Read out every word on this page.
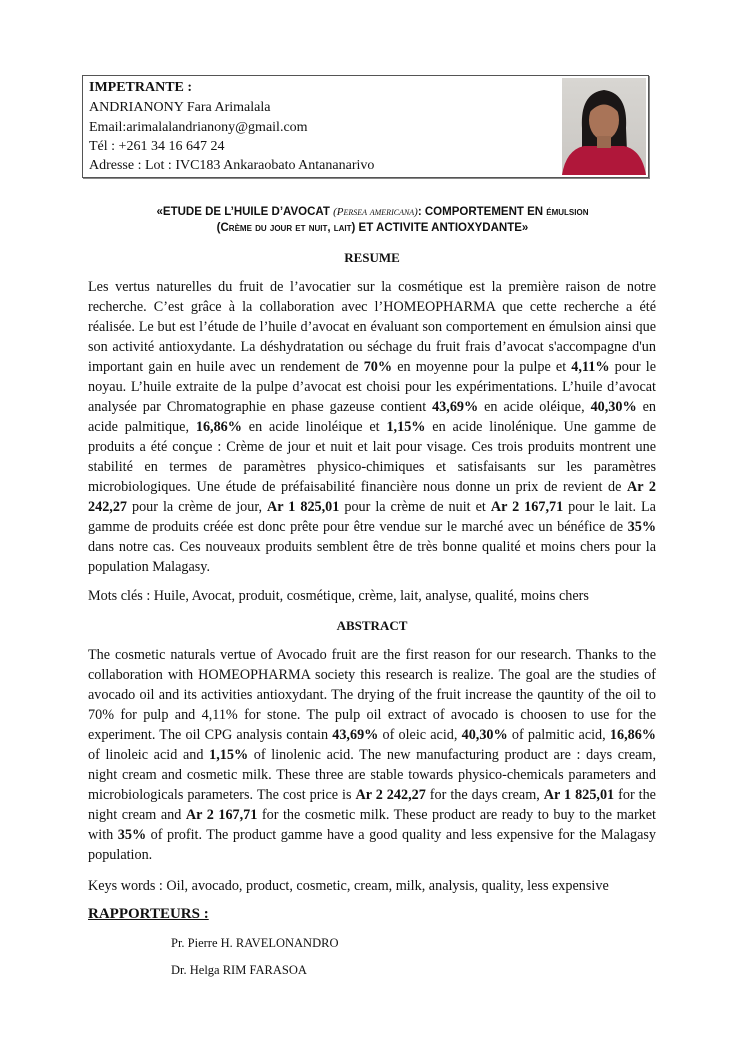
IMPETRANTE :
ANDRIANONY Fara Arimalala
Email:arimalalandrianony@gmail.com
Tél : +261 34 16 647 24
Adresse : Lot : IVC183 Ankaraobato Antananarivo
«ETUDE DE L’HUILE D’AVOCAT (Persea americana): COMPORTEMENT EN émulsion
(Crème du jour et nuit, lait) ET ACTIVITE ANTIOXYDANTE»
RESUME
Les vertus naturelles du fruit de l’avocatier sur la cosmétique est la première raison de notre recherche. C’est grâce à la collaboration avec l’HOMEOPHARMA que cette recherche a été réalisée. Le but est l’étude de l’huile d’avocat en évaluant son comportement en émulsion ainsi que son activité antioxydante. La déshydratation ou séchage du fruit frais d’avocat s'accompagne d'un important gain en huile avec un rendement de 70% en moyenne pour la pulpe et 4,11% pour le noyau. L’huile extraite de la pulpe d’avocat est choisi pour les expérimentations. L’huile d’avocat analysée par Chromatographie en phase gazeuse contient 43,69% en acide oléique, 40,30% en acide palmitique, 16,86% en acide linoléique et 1,15% en acide linolénique. Une gamme de produits a été conçue : Crème de jour et nuit et lait pour visage. Ces trois produits montrent une stabilité en termes de paramètres physico-chimiques et satisfaisants sur les paramètres microbiologiques. Une étude de préfaisabilité financière nous donne un prix de revient de Ar 2 242,27 pour la crème de jour, Ar 1 825,01 pour la crème de nuit et Ar 2 167,71 pour le lait. La gamme de produits créée est donc prête pour être vendue sur le marché avec un bénéfice de 35% dans notre cas. Ces nouveaux produits semblent être de très bonne qualité et moins chers pour la population Malagasy.
Mots clés : Huile, Avocat, produit, cosmétique, crème, lait, analyse, qualité, moins chers
ABSTRACT
The cosmetic naturals vertue of Avocado fruit are the first reason for our research. Thanks to the collaboration with HOMEOPHARMA society this research is realize. The goal are the studies of avocado oil and its activities antioxydant. The drying of the fruit increase the qauntity of the oil to 70% for pulp and 4,11% for stone. The pulp oil extract of avocado is choosen to use for the experiment. The oil CPG analysis contain 43,69% of oleic acid, 40,30% of palmitic acid, 16,86% of linoleic acid and 1,15% of linolenic acid. The new manufacturing product are : days cream, night cream and cosmetic milk. These three are stable towards physico-chemicals parameters and microbiologicals parameters. The cost price is Ar 2 242,27 for the days cream, Ar 1 825,01 for the night cream and Ar 2 167,71 for the cosmetic milk. These product are ready to buy to the market with 35% of profit. The product gamme have a good quality and less expensive for the Malagasy population.
Keys words : Oil, avocado, product, cosmetic, cream, milk, analysis, quality, less expensive
RAPPORTEURS :
Pr. Pierre H. RAVELONANDRO
Dr. Helga RIM FARASOA
